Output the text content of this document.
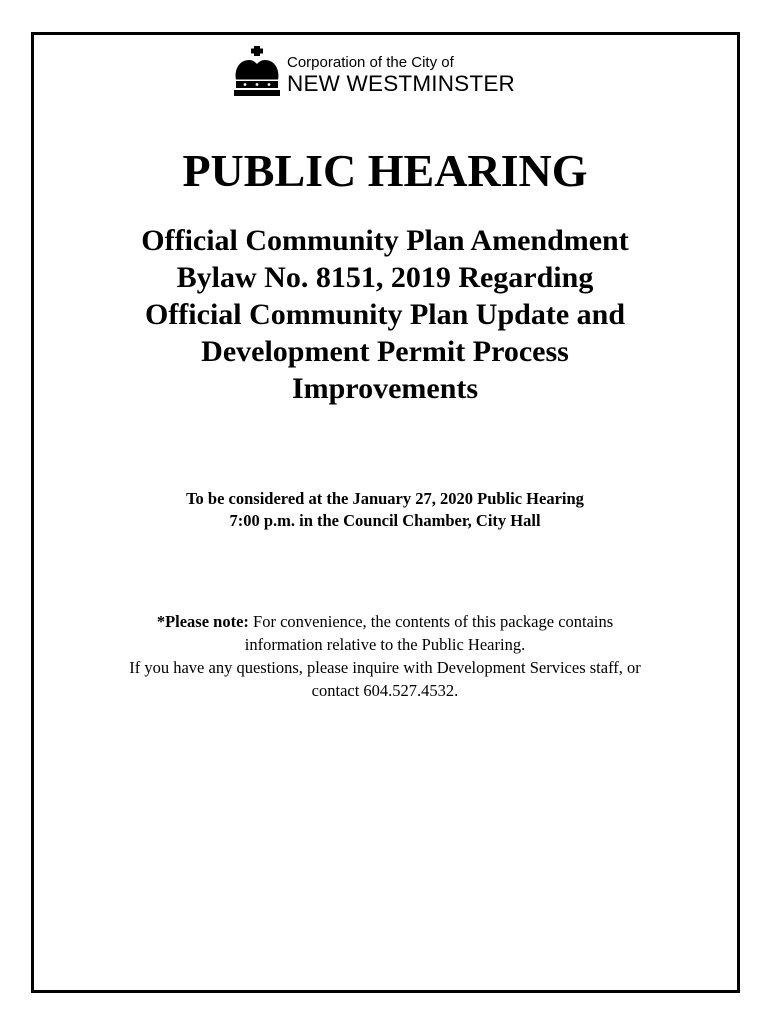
Corporation of the City of
NEW WESTMINSTER
PUBLIC HEARING
Official Community Plan Amendment
Bylaw No. 8151, 2019 Regarding
Official Community Plan Update and
Development Permit Process
Improvements

To be considered at the January 27, 2020 Public Hearing
7:00 p.m. in the Council Chamber, City Hall

*Please note: For convenience, the contents of this package contains
information relative to the Public Hearing.
If you have any questions, please inquire with Development Services staff, or
contact 604.527.4532.
